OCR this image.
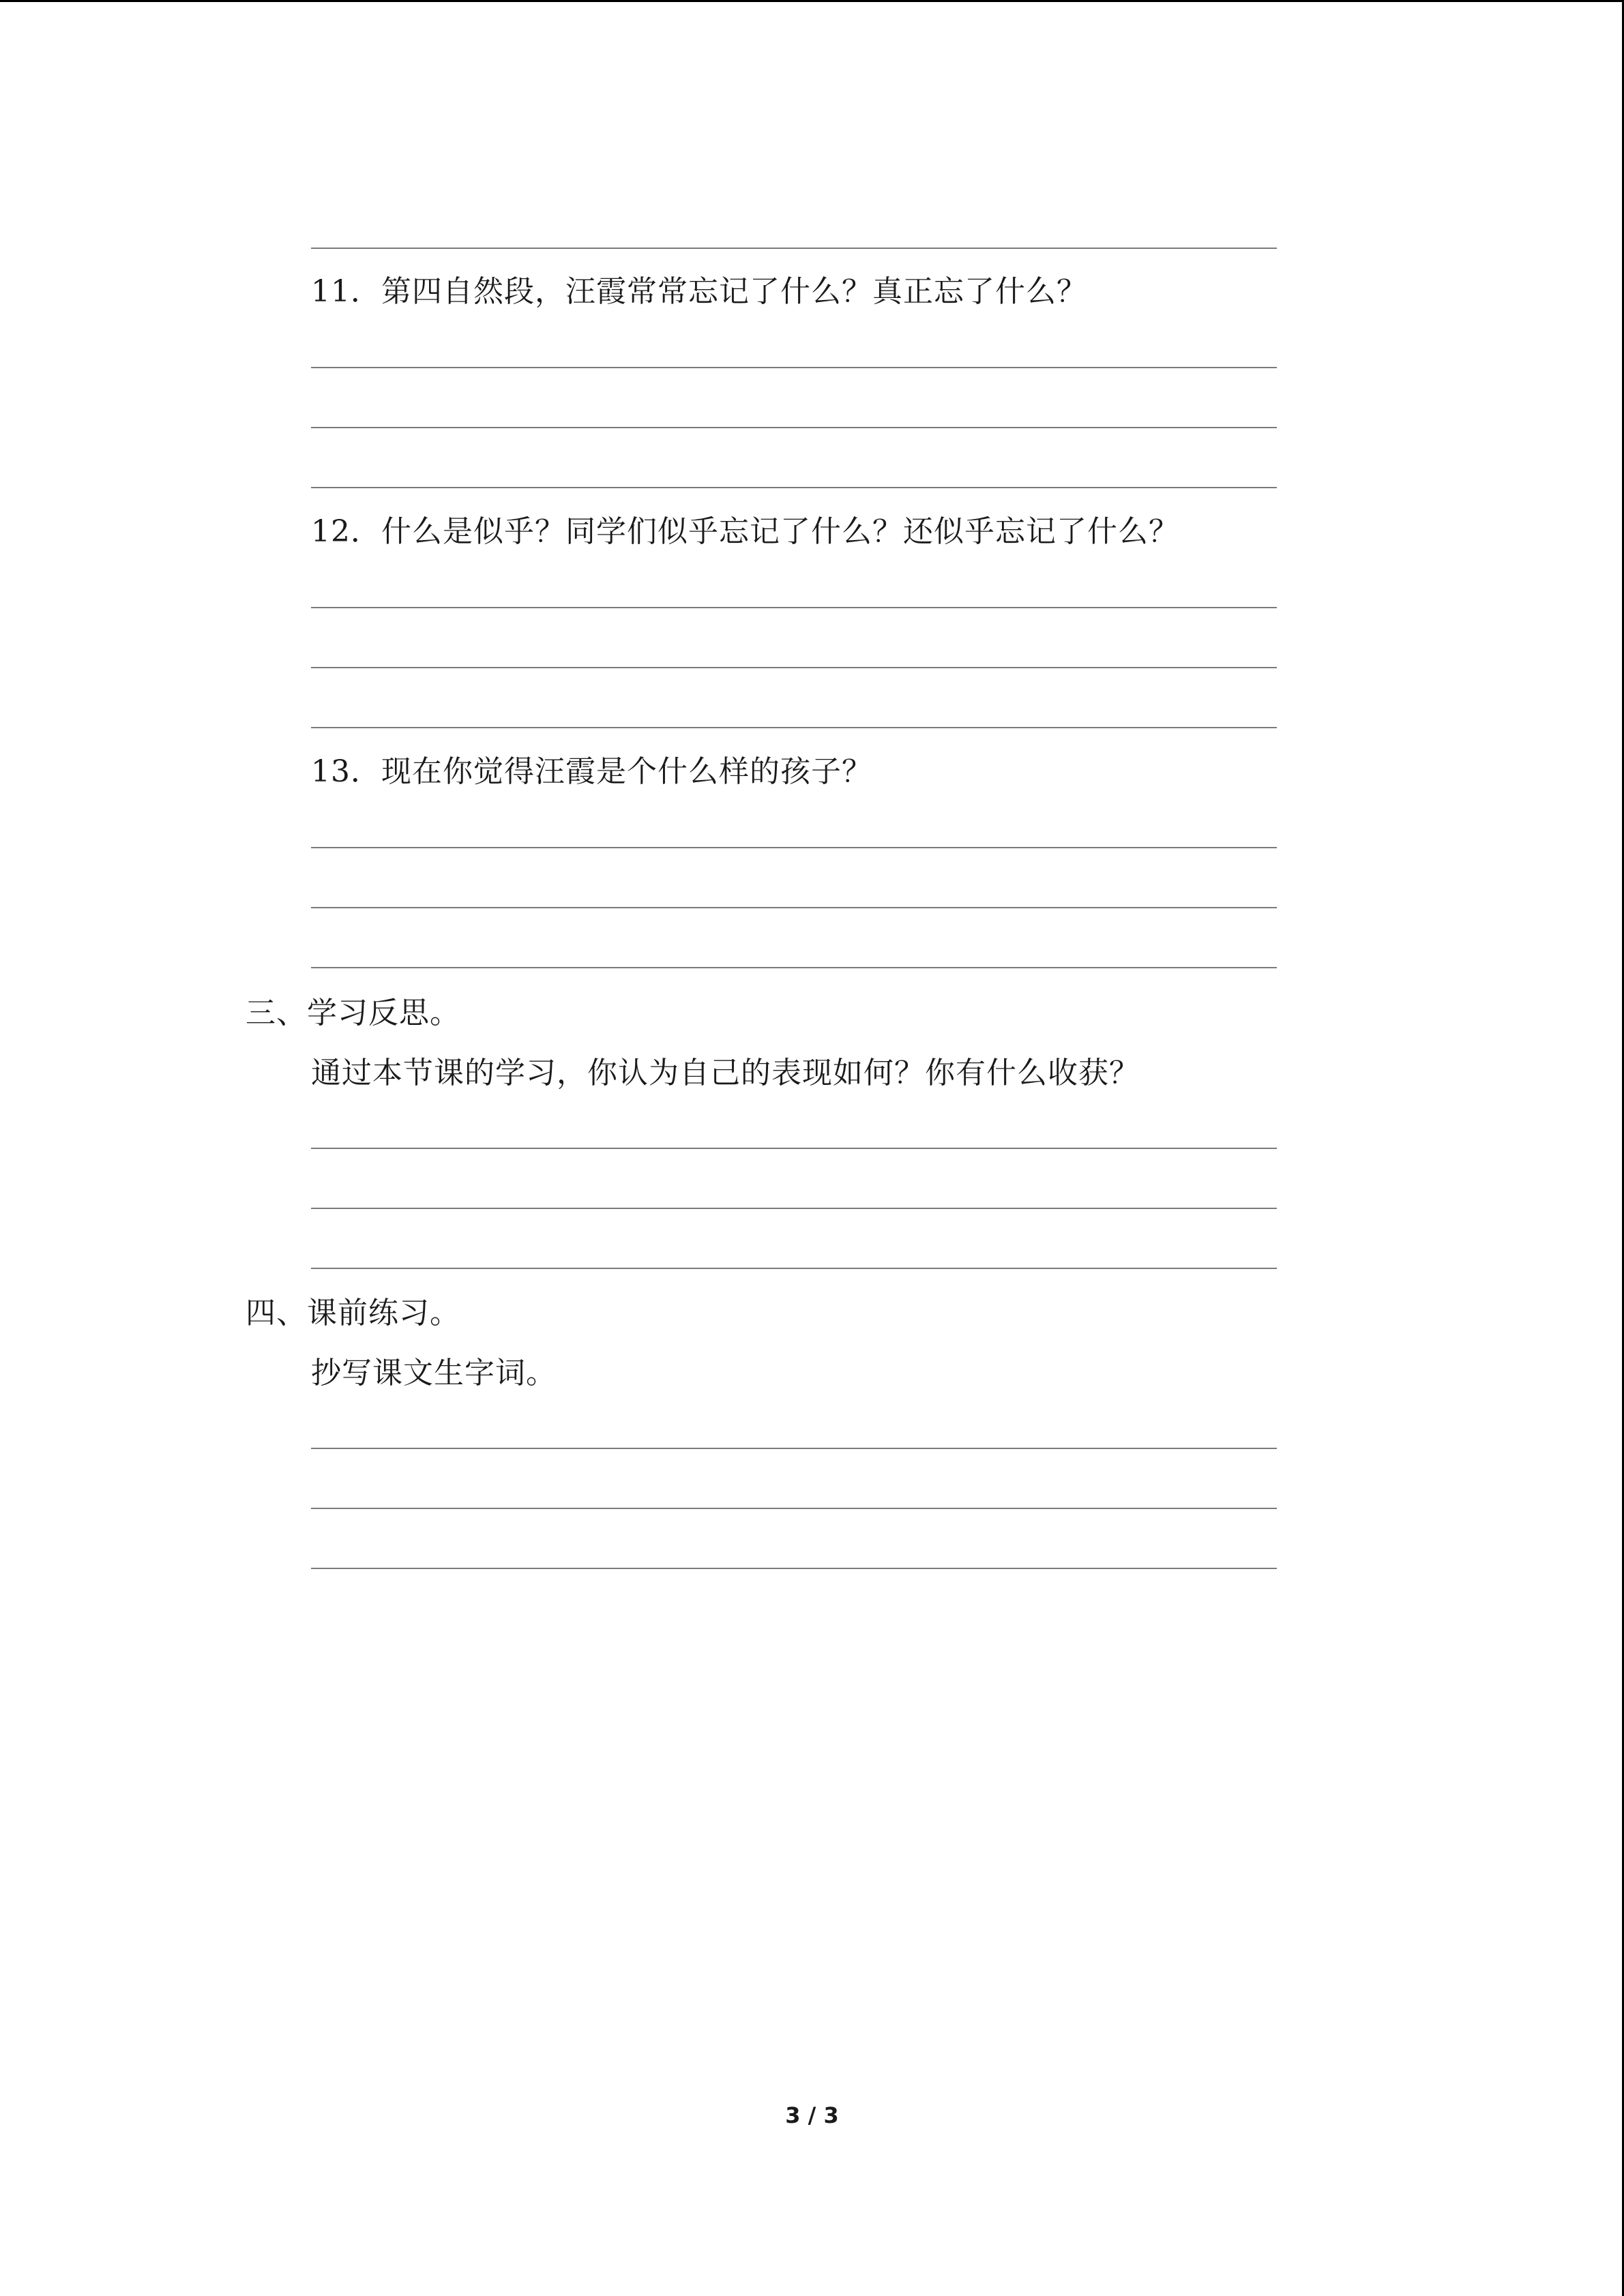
11．第四自然段，汪霞常常忘记了什么？真正忘了什么？
12．什么是似乎？同学们似乎忘记了什么？还似乎忘记了什么？
13．现在你觉得汪霞是个什么样的孩子？
三、学习反思。
通过本节课的学习，你认为自己的表现如何？你有什么收获？
四、课前练习。
抄写课文生字词。
3 / 3
